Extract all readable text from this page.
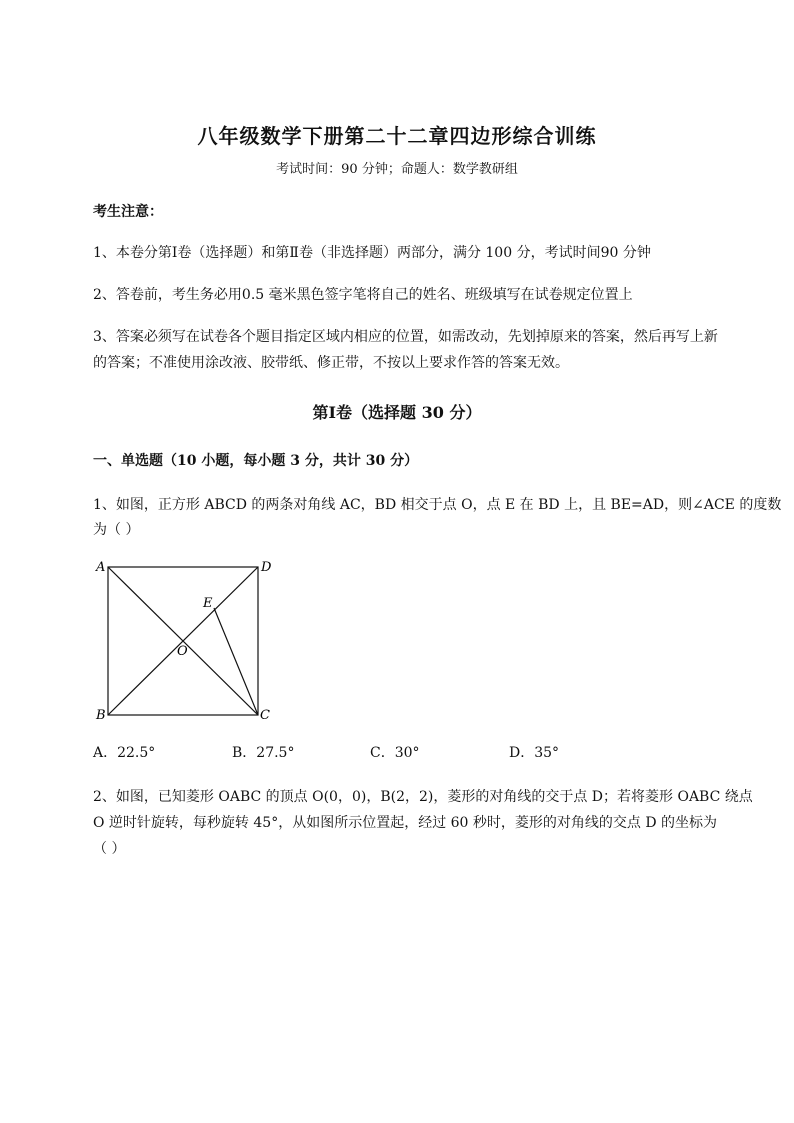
八年级数学下册第二十二章四边形综合训练
考试时间：90 分钟；命题人：数学教研组
考生注意：
1、本卷分第Ⅰ卷（选择题）和第Ⅱ卷（非选择题）两部分，满分 100 分，考试时间90 分钟
2、答卷前，考生务必用0.5 毫米黑色签字笔将自己的姓名、班级填写在试卷规定位置上
3、答案必须写在试卷各个题目指定区域内相应的位置，如需改动，先划掉原来的答案，然后再写上新
的答案；不准使用涂改液、胶带纸、修正带，不按以上要求作答的答案无效。
第Ⅰ卷（选择题 30 分）
一、单选题（10 小题，每小题 3 分，共计 30 分）
1、如图，正方形 ABCD 的两条对角线 AC，BD 相交于点 O，点 E 在 BD 上，且 BE=AD，则∠ACE 的度数
为（ ）
A	D
B	C
E
O
A．22.5°	B．27.5°	C．30°	D．35°
2、如图，已知菱形 OABC 的顶点 O(0，0)，B(2，2)，菱形的对角线的交于点 D；若将菱形 OABC 绕点
O 逆时针旋转，每秒旋转 45°，从如图所示位置起，经过 60 秒时，菱形的对角线的交点 D 的坐标为
（ ）
